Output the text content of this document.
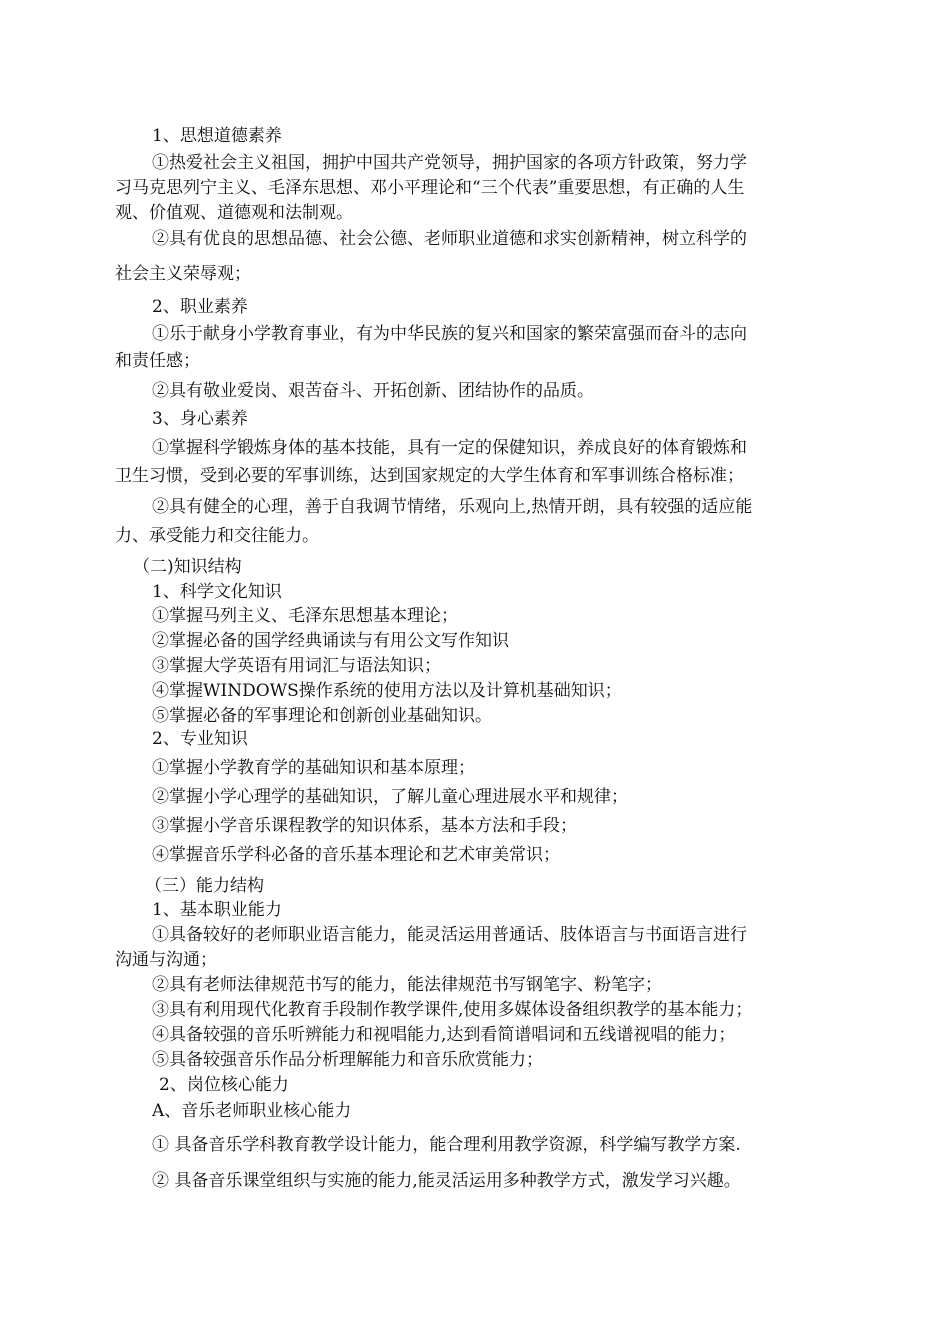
1、思想道德素养
①热爱社会主义祖国，拥护中国共产党领导，拥护国家的各项方针政策，努力学
习马克思列宁主义、毛泽东思想、邓小平理论和“三个代表”重要思想，有正确的人生
观、价值观、道德观和法制观。
②具有优良的思想品德、社会公德、老师职业道德和求实创新精神，树立科学的
社会主义荣辱观；
2、职业素养
①乐于献身小学教育事业，有为中华民族的复兴和国家的繁荣富强而奋斗的志向
和责任感；
②具有敬业爱岗、艰苦奋斗、开拓创新、团结协作的品质。
3、身心素养
①掌握科学锻炼身体的基本技能，具有一定的保健知识，养成良好的体育锻炼和
卫生习惯，受到必要的军事训练，达到国家规定的大学生体育和军事训练合格标准；
②具有健全的心理，善于自我调节情绪，乐观向上,热情开朗，具有较强的适应能
力、承受能力和交往能力。
（二)知识结构
1、科学文化知识
①掌握马列主义、毛泽东思想基本理论；
②掌握必备的国学经典诵读与有用公文写作知识
③掌握大学英语有用词汇与语法知识；
④掌握WINDOWS操作系统的使用方法以及计算机基础知识；
⑤掌握必备的军事理论和创新创业基础知识。
2、专业知识
①掌握小学教育学的基础知识和基本原理；
②掌握小学心理学的基础知识，了解儿童心理进展水平和规律；
③掌握小学音乐课程教学的知识体系，基本方法和手段；
④掌握音乐学科必备的音乐基本理论和艺术审美常识；
（三）能力结构
1、基本职业能力
①具备较好的老师职业语言能力，能灵活运用普通话、肢体语言与书面语言进行
沟通与沟通；
②具有老师法律规范书写的能力，能法律规范书写钢笔字、粉笔字；
③具有利用现代化教育手段制作教学课件,使用多媒体设备组织教学的基本能力；
④具备较强的音乐听辨能力和视唱能力,达到看简谱唱词和五线谱视唱的能力；
⑤具备较强音乐作品分析理解能力和音乐欣赏能力；
2、岗位核心能力
A、音乐老师职业核心能力
① 具备音乐学科教育教学设计能力，能合理利用教学资源，科学编写教学方案.
② 具备音乐课堂组织与实施的能力,能灵活运用多种教学方式，激发学习兴趣。
